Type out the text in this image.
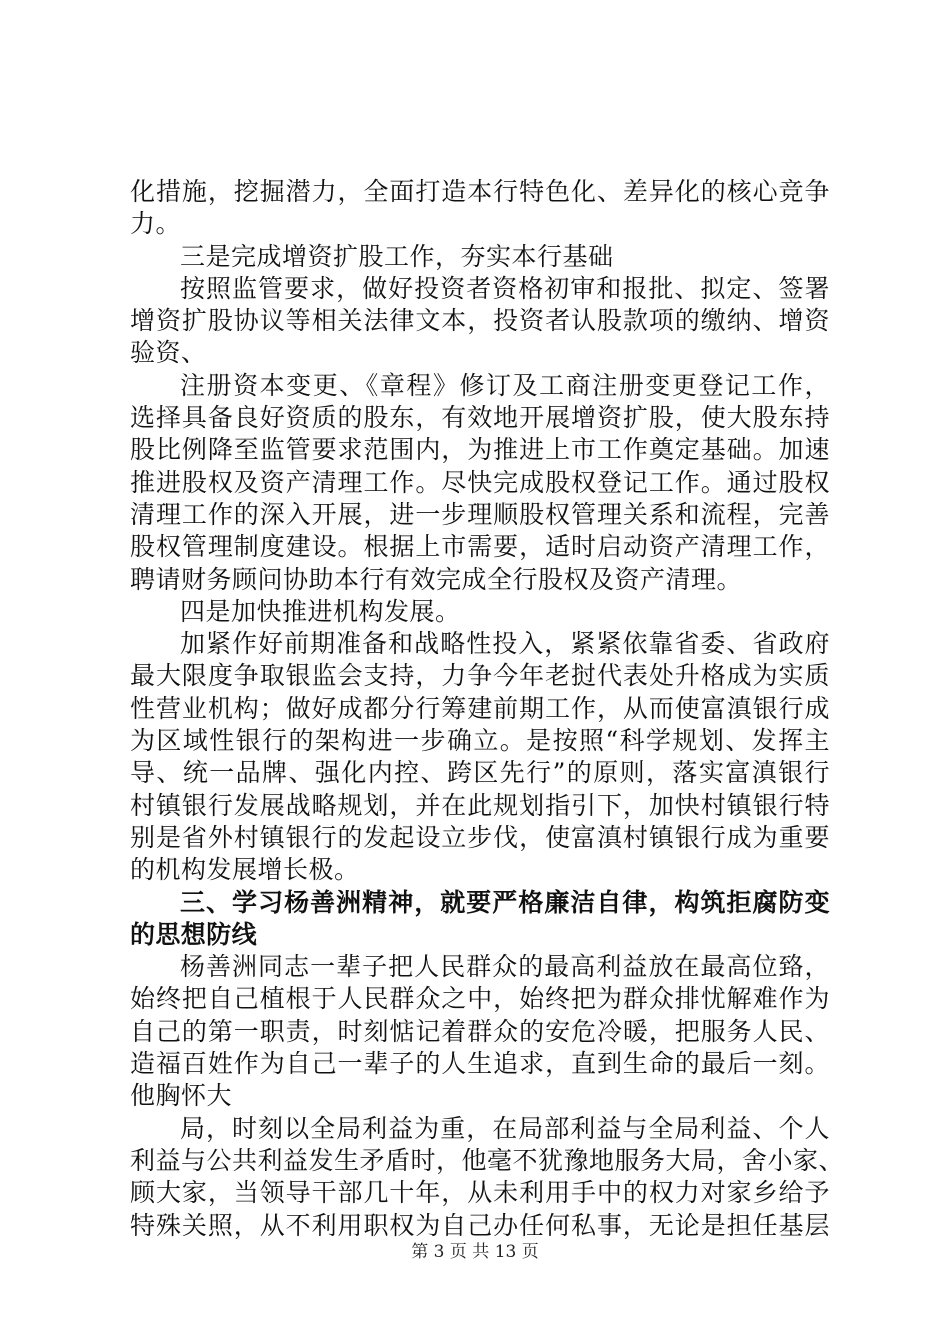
化措施，挖掘潜力，全面打造本行特色化、差异化的核心竞争
力。
三是完成增资扩股工作，夯实本行基础
按照监管要求，做好投资者资格初审和报批、拟定、签署
增资扩股协议等相关法律文本，投资者认股款项的缴纳、增资
验资、
注册资本变更、《章程》修订及工商注册变更登记工作，
选择具备良好资质的股东，有效地开展增资扩股，使大股东持
股比例降至监管要求范围内，为推进上市工作奠定基础。加速
推进股权及资产清理工作。尽快完成股权登记工作。通过股权
清理工作的深入开展，进一步理顺股权管理关系和流程，完善
股权管理制度建设。根据上市需要，适时启动资产清理工作，
聘请财务顾问协助本行有效完成全行股权及资产清理。
四是加快推进机构发展。
加紧作好前期准备和战略性投入，紧紧依靠省委、省政府
最大限度争取银监会支持，力争今年老挝代表处升格成为实质
性营业机构；做好成都分行筹建前期工作，从而使富滇银行成
为区域性银行的架构进一步确立。是按照“科学规划、发挥主
导、统一品牌、强化内控、跨区先行”的原则，落实富滇银行
村镇银行发展战略规划，并在此规划指引下，加快村镇银行特
别是省外村镇银行的发起设立步伐，使富滇村镇银行成为重要
的机构发展增长极。
三、学习杨善洲精神，就要严格廉洁自律，构筑拒腐防变
的思想防线
杨善洲同志一辈子把人民群众的最高利益放在最高位臵，
始终把自己植根于人民群众之中，始终把为群众排忧解难作为
自己的第一职责，时刻惦记着群众的安危冷暖，把服务人民、
造福百姓作为自己一辈子的人生追求，直到生命的最后一刻。
他胸怀大
局，时刻以全局利益为重，在局部利益与全局利益、个人
利益与公共利益发生矛盾时，他毫不犹豫地服务大局，舍小家、
顾大家，当领导干部几十年，从未利用手中的权力对家乡给予
特殊关照，从不利用职权为自己办任何私事，无论是担任基层
第 3 页 共 13 页
